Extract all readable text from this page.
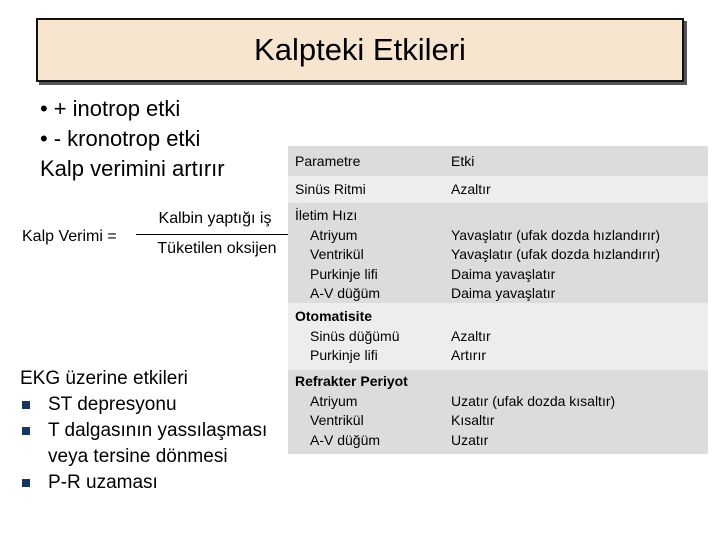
Kalpteki Etkileri
• + inotrop etki
• - kronotrop etki
Kalp verimini artırır
Kalp Verimi =
Kalbin yaptığı iş
Tüketilen oksijen
EKG üzerine etkileri
ST depresyonu
T dalgasının yassılaşması
veya tersine dönmesi
P-R uzaması
Parametre	Etki
Sinüs Ritmi	Azaltır
İletim Hızı
Atriyum
Ventrikül
Purkinje lifi
A-V düğüm
Yavaşlatır (ufak dozda hızlandırır)
Yavaşlatır (ufak dozda hızlandırır)
Daima yavaşlatır
Daima yavaşlatır
Otomatisite
Sinüs düğümü
Purkinje lifi
Azaltır
Artırır
Refrakter Periyot
Atriyum
Ventrikül
A-V düğüm
Uzatır (ufak dozda kısaltır)
Kısaltır
Uzatır
